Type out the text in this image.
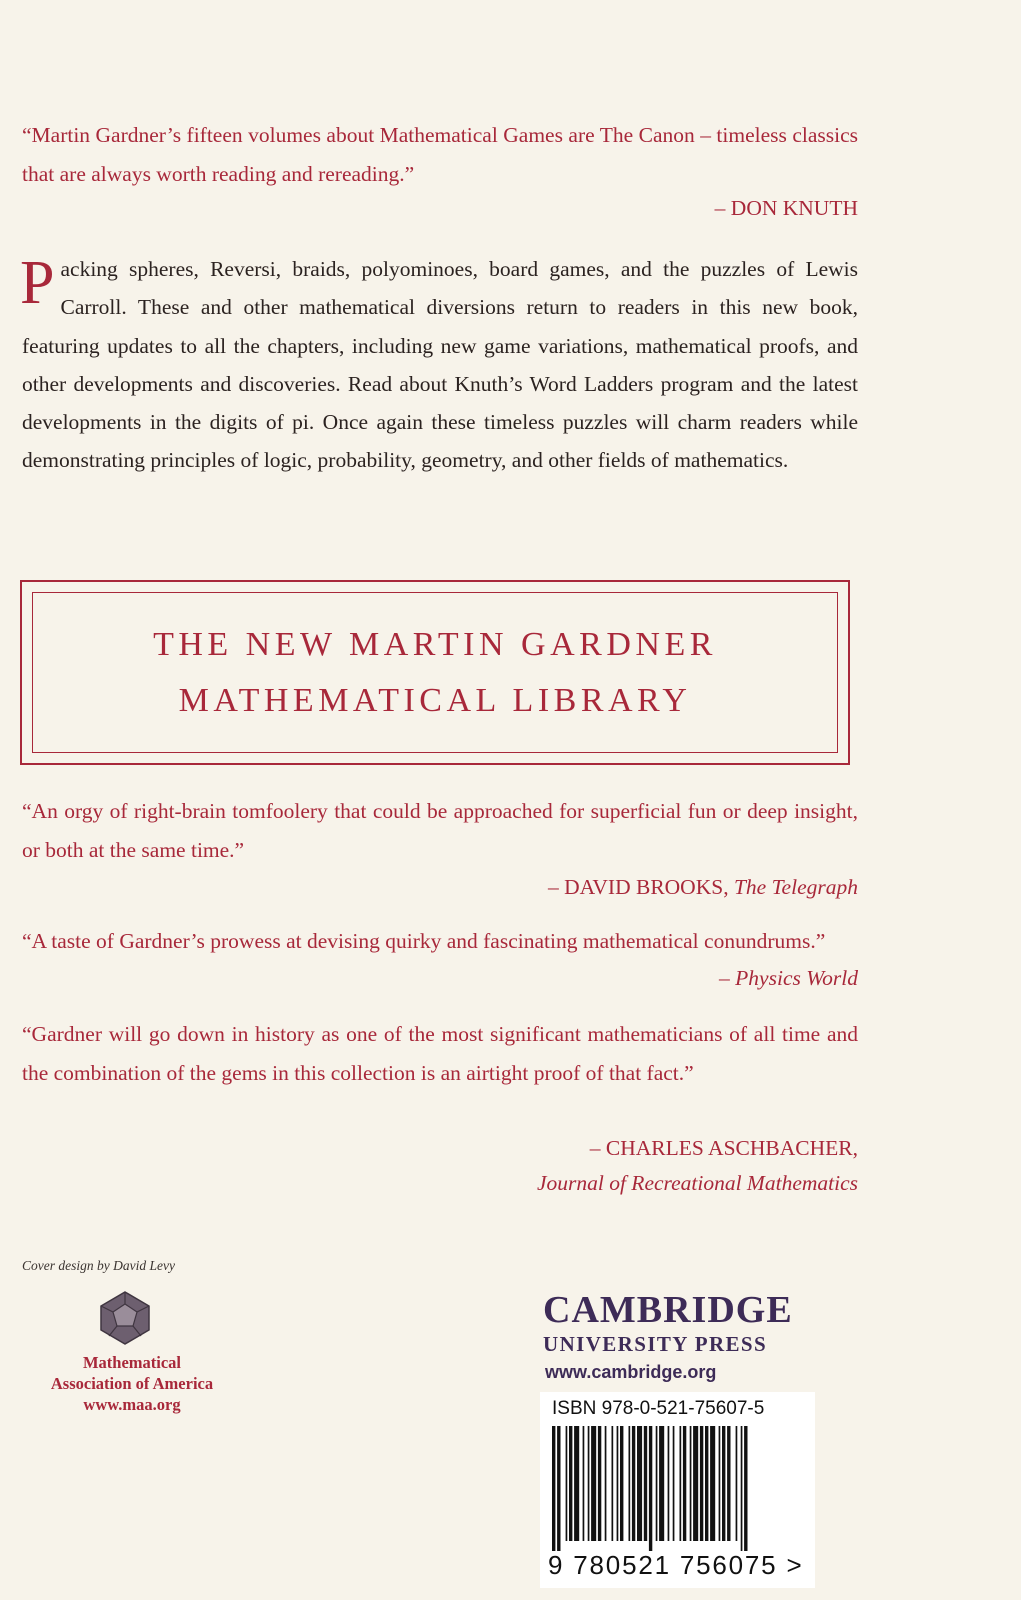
“Martin Gardner’s fifteen volumes about Mathematical Games are The Canon – timeless classics that are always worth reading and rereading.”
– DON KNUTH
Packing spheres, Reversi, braids, polyominoes, board games, and the puzzles of Lewis Carroll. These and other mathematical diversions return to readers in this new book, featuring updates to all the chapters, including new game variations, mathematical proofs, and other developments and discoveries. Read about Knuth’s Word Ladders program and the latest developments in the digits of pi. Once again these timeless puzzles will charm readers while demonstrating principles of logic, probability, geometry, and other fields of mathematics.
THE NEW MARTIN GARDNER
MATHEMATICAL LIBRARY
“An orgy of right-brain tomfoolery that could be approached for superficial fun or deep insight, or both at the same time.”
– DAVID BROOKS, The Telegraph
“A taste of Gardner’s prowess at devising quirky and fascinating mathematical conundrums.”
– Physics World
“Gardner will go down in history as one of the most significant mathematicians of all time and the combination of the gems in this collection is an airtight proof of that fact.”
– CHARLES ASCHBACHER,
Journal of Recreational Mathematics
Cover design by David Levy
Mathematical
Association of America
www.maa.org
CAMBRIDGE
UNIVERSITY PRESS
www.cambridge.org
ISBN 978-0-521-75607-5
9 780521 756075 >
